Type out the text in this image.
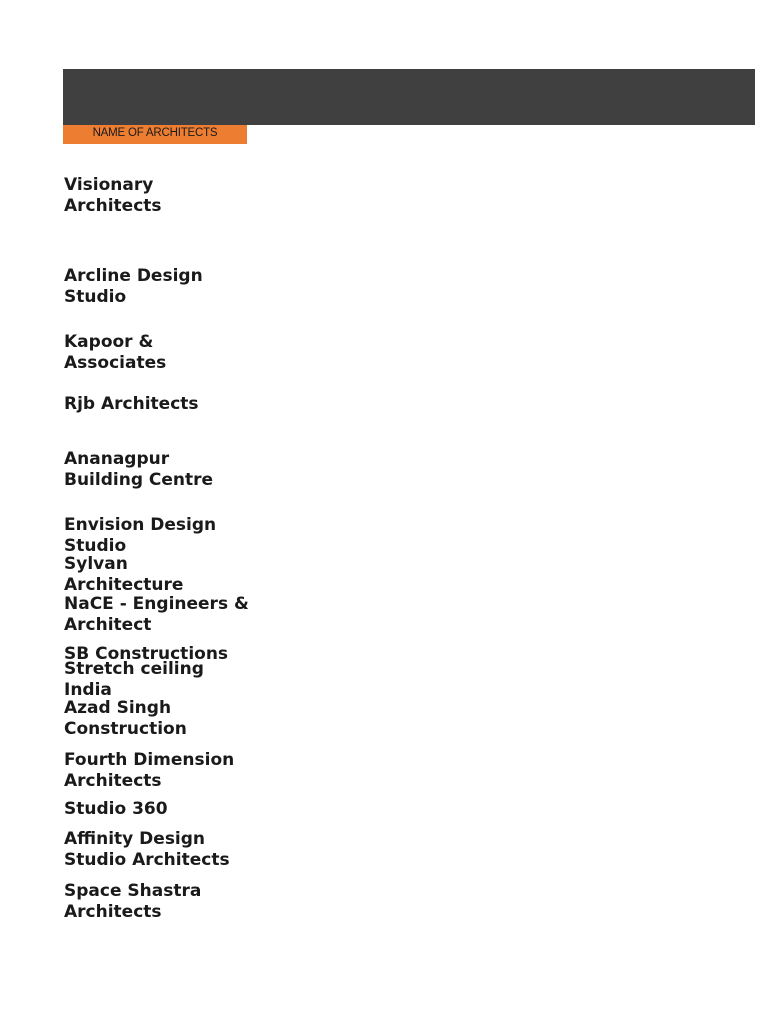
NAME OF ARCHITECTS
Visionary Architects
Arcline Design Studio
Kapoor & Associates
Rjb Architects
Ananagpur Building Centre
Envision Design Studio
Sylvan Architecture
NaCE - Engineers & Architect
SB Constructions
Stretch ceiling India
Azad Singh Construction
Fourth Dimension Architects
Studio 360
Affinity Design Studio Architects
Space Shastra Architects
